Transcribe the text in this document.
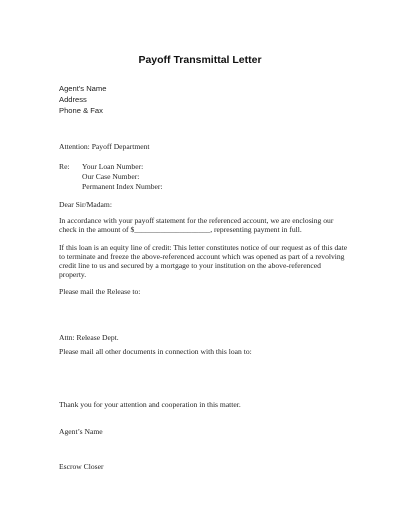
Payoff Transmittal Letter
Agent's Name
Address
Phone & Fax
Attention: Payoff Department
Re: Your Loan Number:
Our Case Number:
Permanent Index Number:
Dear Sir/Madam:
In accordance with your payoff statement for the referenced account, we are enclosing our
check in the amount of $____________________, representing payment in full.
If this loan is an equity line of credit: This letter constitutes notice of our request as of this date
to terminate and freeze the above-referenced account which was opened as part of a revolving
credit line to us and secured by a mortgage to your institution on the above-referenced
property.
Please mail the Release to:
Attn: Release Dept.
Please mail all other documents in connection with this loan to:
Thank you for your attention and cooperation in this matter.
Agent’s Name
Escrow Closer
